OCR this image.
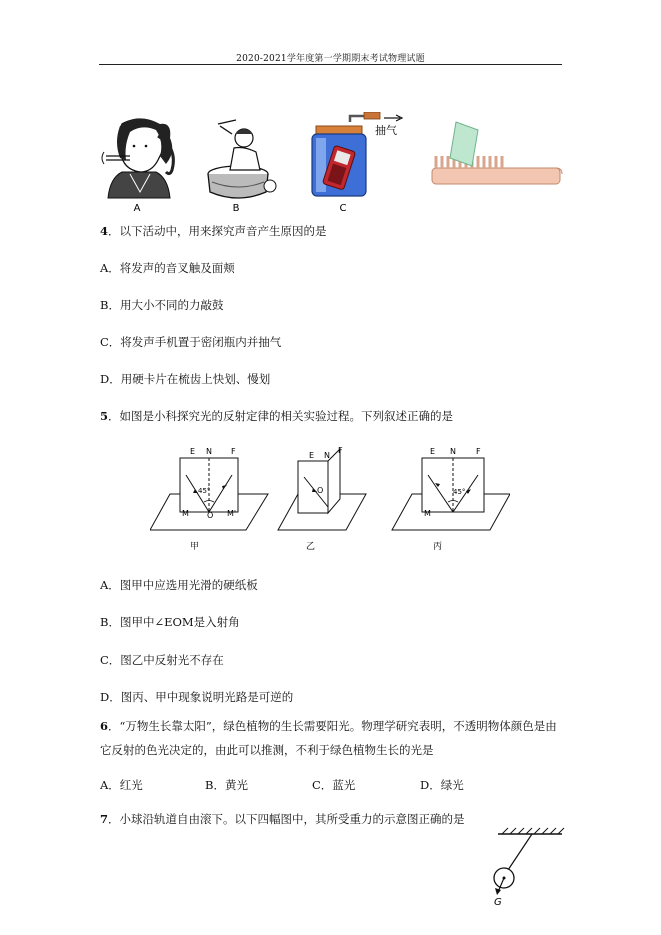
2020-2021学年度第一学期期末考试物理试题
A	B
抽气
C
4．以下活动中，用来探究声音产生原因的是
A．将发声的音叉触及面颊
B．用大小不同的力敲鼓
C．将发声手机置于密闭瓶内并抽气
D．用硬卡片在梳齿上快划、慢划
5．如图是小科探究光的反射定律的相关实验过程。下列叙述正确的是
E N F
45°
M O M'
甲
E N
F
O
乙
E N	F
45°
M
丙
A．图甲中应选用光滑的硬纸板
B．图甲中∠EOM是入射角
C．图乙中反射光不存在
D．图丙、甲中现象说明光路是可逆的
6．“万物生长靠太阳”，绿色植物的生长需要阳光。物理学研究表明，不透明物体颜色是由
它反射的色光决定的，由此可以推测，不利于绿色植物生长的光是
A．红光	B．黄光	C．蓝光	D．绿光
7．小球沿轨道自由滚下。以下四幅图中，其所受重力的示意图正确的是
G
